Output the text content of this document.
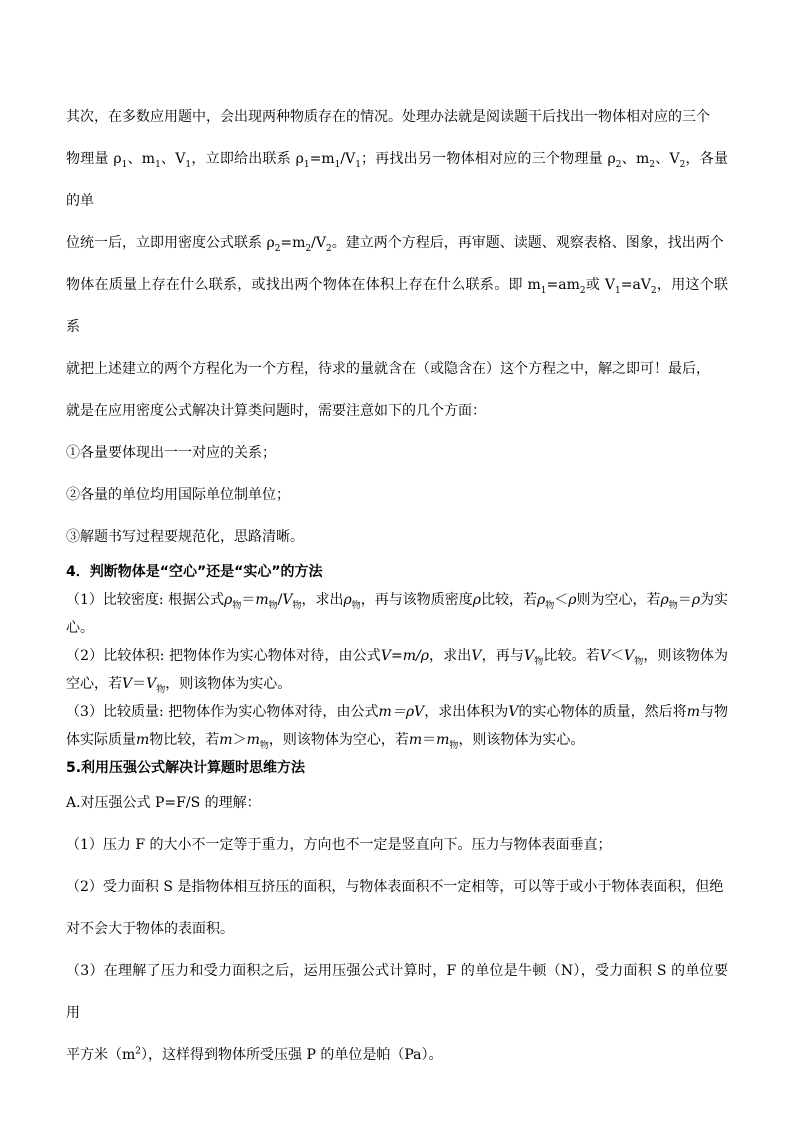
其次，在多数应用题中，会出现两种物质存在的情况。处理办法就是阅读题干后找出一物体相对应的三个

物理量 $\rho_1$、$m_1$、$V_1$，立即给出联系 $\rho_1=m_1/V_1$；再找出另一物体相对应的三个物理量 $\rho_2$、$m_2$、$V_2$，各量的单

位统一后，立即用密度公式联系 $\rho_2=m_2/V_2$。建立两个方程后，再审题、读题、观察表格、图象，找出两个

物体在质量上存在什么联系，或找出两个物体在体积上存在什么联系。即 $m_1=am_2$或 $V_1=aV_2$，用这个联系

就把上述建立的两个方程化为一个方程，待求的量就含在（或隐含在）这个方程之中，解之即可！最后，

就是在应用密度公式解决计算类问题时，需要注意如下的几个方面：

①各量要体现出一一对应的关系；

②各量的单位均用国际单位制单位；

③解题书写过程要规范化，思路清晰。

4．判断物体是“空心”还是“实心”的方法

（1）比较密度: 根据公式$\rho_物=m_物/V_物$，求出$\rho_物$，再与该物质密度ρ比较，若$\rho_物<\rho$则为空心，若$\rho_物=\rho$为实心。

（2）比较体积: 把物体作为实心物体对待，由公式V=m/ρ，求出V，再与$V_物$比较。若$V<V_物$，则该物体为空心，若$V=V_物$，则该物体为实心。

（3）比较质量: 把物体作为实心物体对待，由公式m＝ρV，求出体积为V的实心物体的质量，然后将m与物体实际质量m物比较，若$m>m_物$，则该物体为空心，若$m=m_物$，则该物体为实心。

5.利用压强公式解决计算题时思维方法

A.对压强公式 P=F/S 的理解：

（1）压力 F 的大小不一定等于重力，方向也不一定是竖直向下。压力与物体表面垂直；

（2）受力面积 S 是指物体相互挤压的面积，与物体表面积不一定相等，可以等于或小于物体表面积，但绝

对不会大于物体的表面积。

（3）在理解了压力和受力面积之后，运用压强公式计算时，F 的单位是牛顿（N），受力面积 S 的单位要用

平方米$(m^2)$，这样得到物体所受压强 P 的单位是帕（Pa）。
